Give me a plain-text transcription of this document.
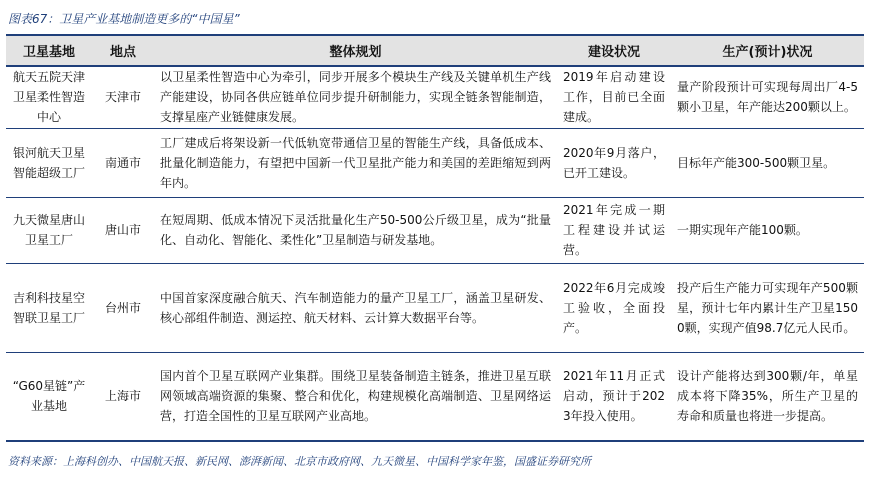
图表67：卫星产业基地制造更多的“中国星”
卫星基地	地点	整体规划	建设状况	生产(预计)状况
航天五院天津卫星柔性智造中心	天津市	以卫星柔性智造中心为牵引，同步开展多个模块生产线及关键单机生产线产能建设，协同各供应链单位同步提升研制能力，实现全链条智能制造，支撑星座产业链健康发展。	2019年启动建设工作，目前已全面建成。	量产阶段预计可实现每周出厂4-5颗小卫星，年产能达200颗以上。
银河航天卫星智能超级工厂	南通市	工厂建成后将架设新一代低轨宽带通信卫星的智能生产线，具备低成本、批量化制造能力，有望把中国新一代卫星批产能力和美国的差距缩短到两年内。	2020年9月落户，已开工建设。	目标年产能300-500颗卫星。
九天微星唐山卫星工厂	唐山市	在短周期、低成本情况下灵活批量化生产50-500公斤级卫星，成为“批量化、自动化、智能化、柔性化”卫星制造与研发基地。	2021年完成一期工程建设并试运营。	一期实现年产能100颗。
吉利科技星空智联卫星工厂	台州市	中国首家深度融合航天、汽车制造能力的量产卫星工厂，涵盖卫星研发、核心部组件制造、测运控、航天材料、云计算大数据平台等。	2022年6月完成竣工验收，全面投产。	投产后生产能力可实现年产500颗星，预计七年内累计生产卫星1500颗，实现产值98.7亿元人民币。
“G60星链”产业基地	上海市	国内首个卫星互联网产业集群。围绕卫星装备制造主链条，推进卫星互联网领域高端资源的集聚、整合和优化，构建规模化高端制造、卫星网络运营，打造全国性的卫星互联网产业高地。	2021年11月正式启动，预计于2023年投入使用。	设计产能将达到300颗/年，单星成本将下降35%，所生产卫星的寿命和质量也将进一步提高。
资料来源：上海科创办、中国航天报、新民网、澎湃新闻、北京市政府网、九天微星、中国科学家年鉴，国盛证券研究所
